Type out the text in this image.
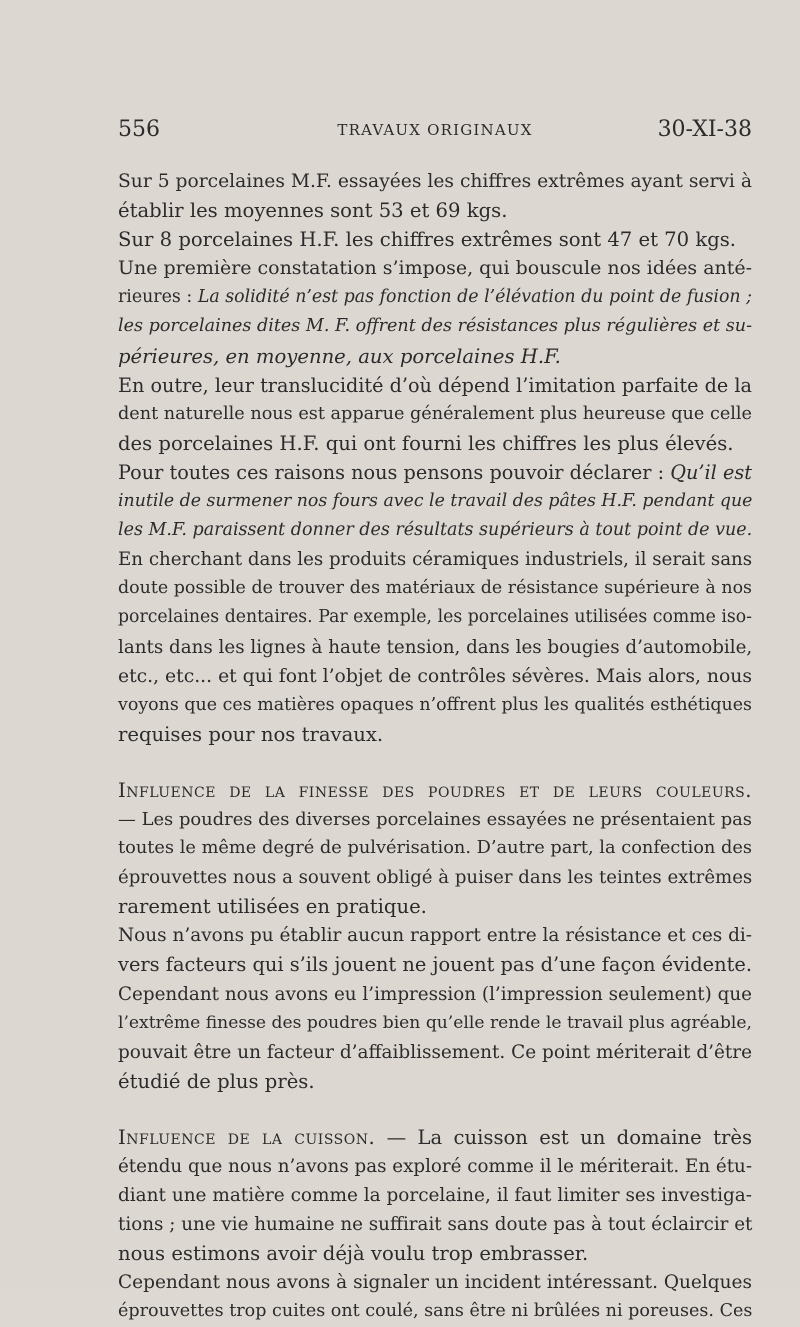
556	TRAVAUX ORIGINAUX	30-XI-38
Sur 5 porcelaines M.F. essayées les chiffres extrêmes ayant servi à
établir les moyennes sont 53 et 69 kgs.
Sur 8 porcelaines H.F. les chiffres extrêmes sont 47 et 70 kgs.
Une première constatation s’impose, qui bouscule nos idées anté-
rieures : La solidité n’est pas fonction de l’élévation du point de fusion ;
les porcelaines dites M. F. offrent des résistances plus régulières et su-
périeures, en moyenne, aux porcelaines H.F.
En outre, leur translucidité d’où dépend l’imitation parfaite de la
dent naturelle nous est apparue généralement plus heureuse que celle
des porcelaines H.F. qui ont fourni les chiffres les plus élevés.
Pour toutes ces raisons nous pensons pouvoir déclarer : Qu’il est
inutile de surmener nos fours avec le travail des pâtes H.F. pendant que
les M.F. paraissent donner des résultats supérieurs à tout point de vue.
En cherchant dans les produits céramiques industriels, il serait sans
doute possible de trouver des matériaux de résistance supérieure à nos
porcelaines dentaires. Par exemple, les porcelaines utilisées comme iso-
lants dans les lignes à haute tension, dans les bougies d’automobile,
etc., etc... et qui font l’objet de contrôles sévères. Mais alors, nous
voyons que ces matières opaques n’offrent plus les qualités esthétiques
requises pour nos travaux.
Influence de la finesse des poudres et de leurs couleurs.
— Les poudres des diverses porcelaines essayées ne présentaient pas
toutes le même degré de pulvérisation. D’autre part, la confection des
éprouvettes nous a souvent obligé à puiser dans les teintes extrêmes
rarement utilisées en pratique.
Nous n’avons pu établir aucun rapport entre la résistance et ces di-
vers facteurs qui s’ils jouent ne jouent pas d’une façon évidente.
Cependant nous avons eu l’impression (l’impression seulement) que
l’extrême finesse des poudres bien qu’elle rende le travail plus agréable,
pouvait être un facteur d’affaiblissement. Ce point mériterait d’être
étudié de plus près.
Influence de la cuisson. — La cuisson est un domaine très
étendu que nous n’avons pas exploré comme il le mériterait. En étu-
diant une matière comme la porcelaine, il faut limiter ses investiga-
tions ; une vie humaine ne suffirait sans doute pas à tout éclaircir et
nous estimons avoir déjà voulu trop embrasser.
Cependant nous avons à signaler un incident intéressant. Quelques
éprouvettes trop cuites ont coulé, sans être ni brûlées ni poreuses. Ces
